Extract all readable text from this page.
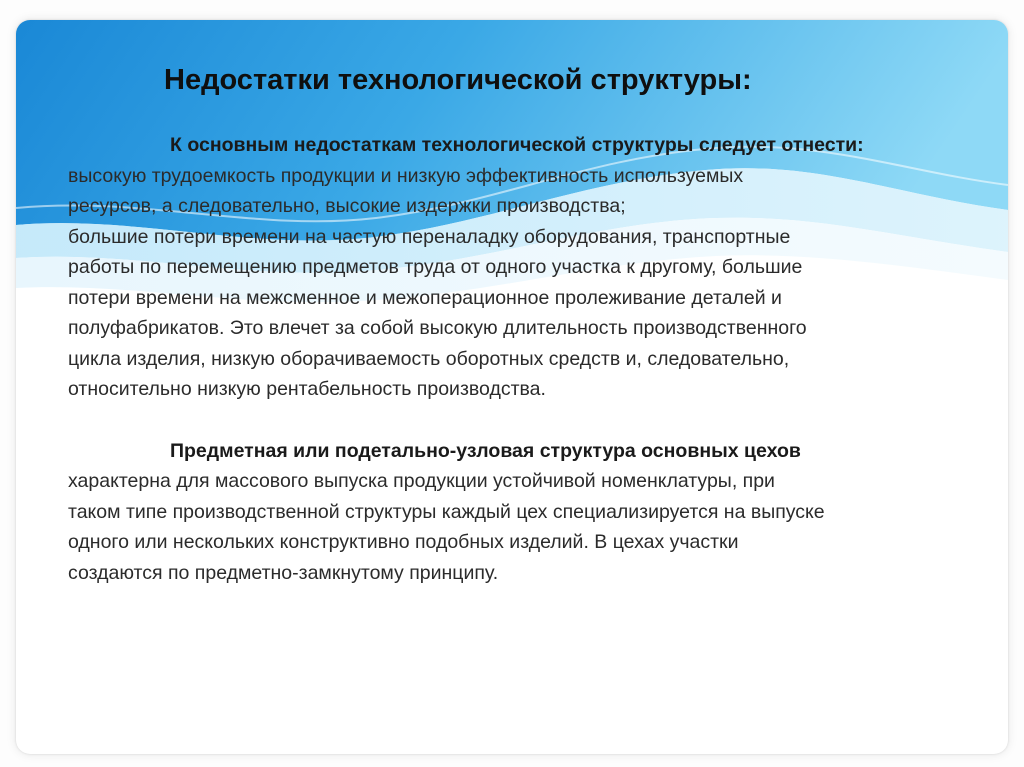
Недостатки технологической структуры:

К основным недостаткам технологической структуры следует отнести:

высокую трудоемкость продукции и низкую эффективность используемых

ресурсов, а следовательно, высокие издержки производства;

большие потери времени на частую переналадку оборудования, транспортные

работы по перемещению предметов труда от одного участка к другому, большие

потери времени на межсменное и межоперационное пролеживание деталей и

полуфабрикатов. Это влечет за собой высокую длительность производственного

цикла изделия, низкую оборачиваемость оборотных средств и, следовательно,

относительно низкую рентабельность производства.

Предметная или подетально-узловая структура основных цехов

характерна для массового выпуска продукции устойчивой номенклатуры, при

таком типе производственной структуры каждый цех специализируется на выпуске

одного или нескольких конструктивно подобных изделий. В цехах участки

создаются по предметно-замкнутому принципу.
